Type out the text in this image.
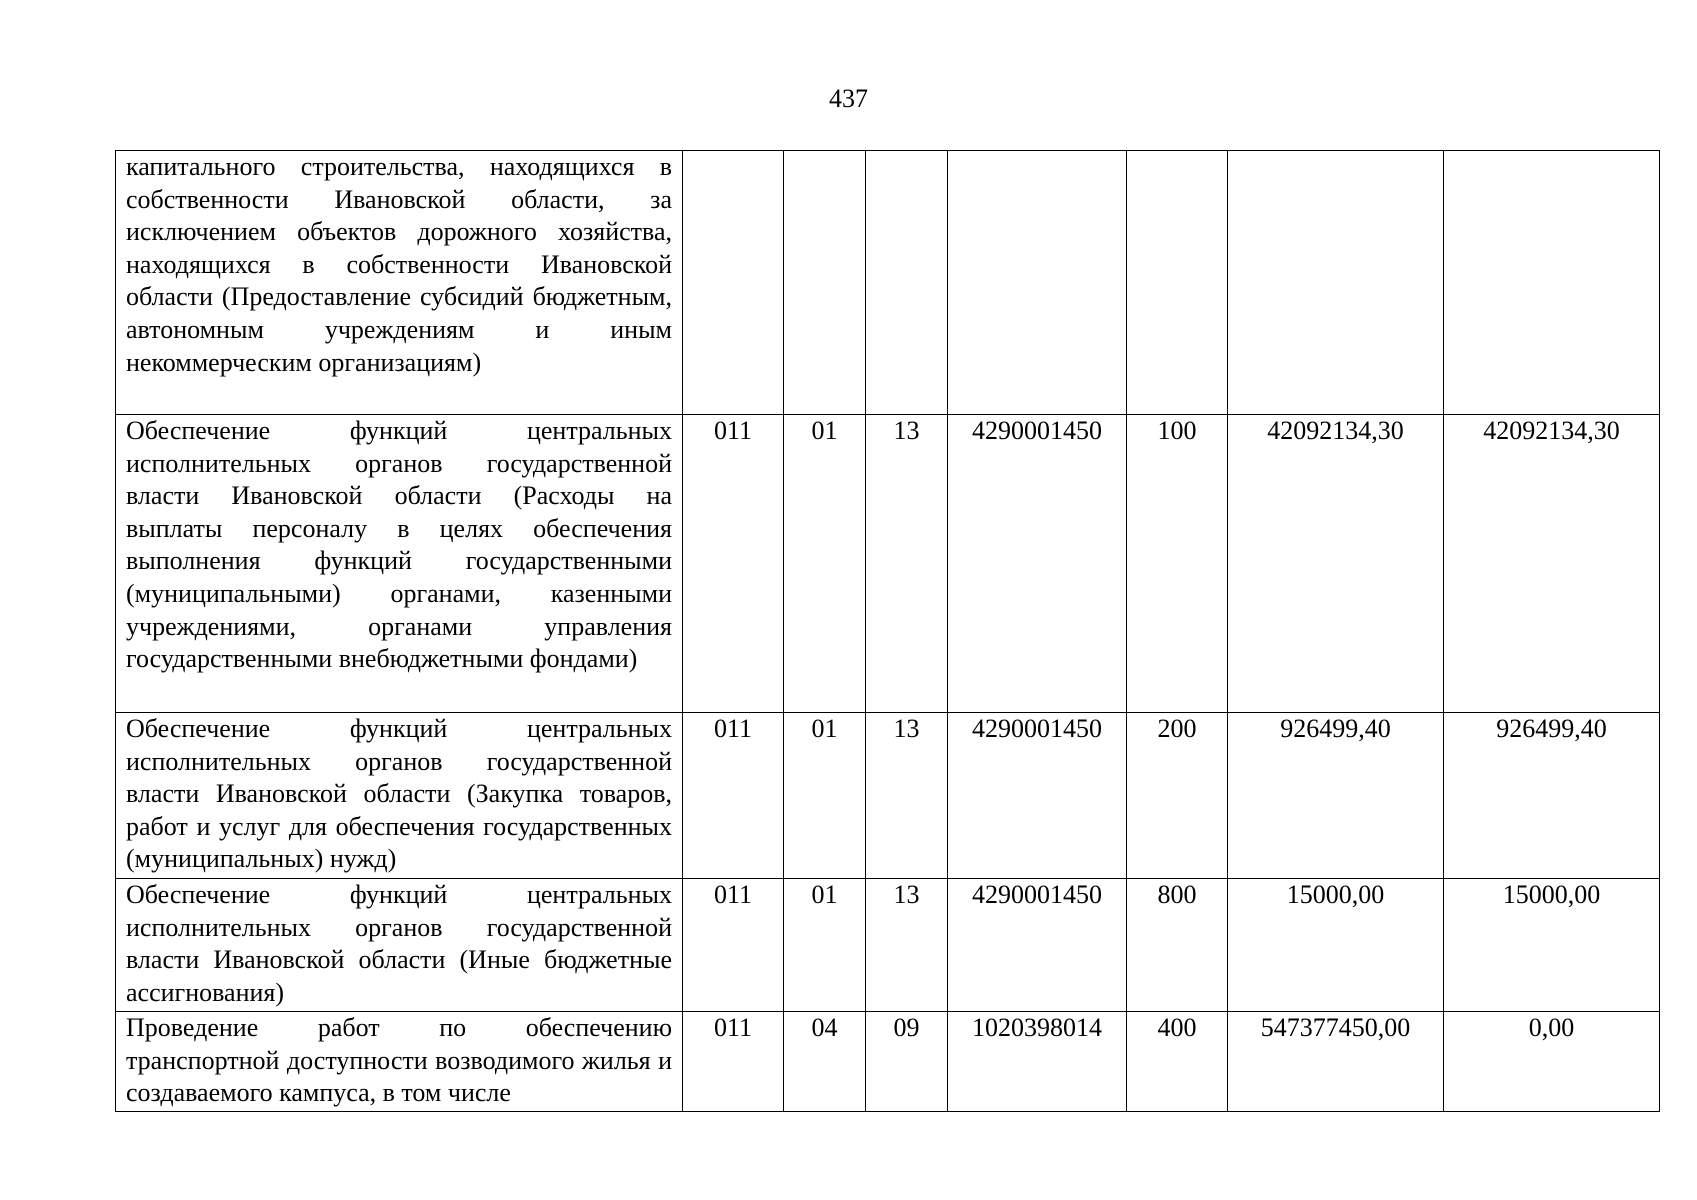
437
капитального строительства, находящихся в собственности Ивановской области, за исключением объектов дорожного хозяйства, находящихся в собственности Ивановской области (Предоставление субсидий бюджетным, автономным учреждениям и иным некоммерческим организациям)							
Обеспечение функций центральных исполнительных органов государственной власти Ивановской области (Расходы на выплаты персоналу в целях обеспечения выполнения функций государственными (муниципальными) органами, казенными учреждениями, органами управления государственными внебюджетными фондами)	011	01	13	4290001450	100	42092134,30	42092134,30
Обеспечение функций центральных исполнительных органов государственной власти Ивановской области (Закупка товаров, работ и услуг для обеспечения государственных (муниципальных) нужд)	011	01	13	4290001450	200	926499,40	926499,40
Обеспечение функций центральных исполнительных органов государственной власти Ивановской области (Иные бюджетные ассигнования)	011	01	13	4290001450	800	15000,00	15000,00
Проведение работ по обеспечению транспортной доступности возводимого жилья и создаваемого кампуса, в том числе	011	04	09	1020398014	400	547377450,00	0,00
